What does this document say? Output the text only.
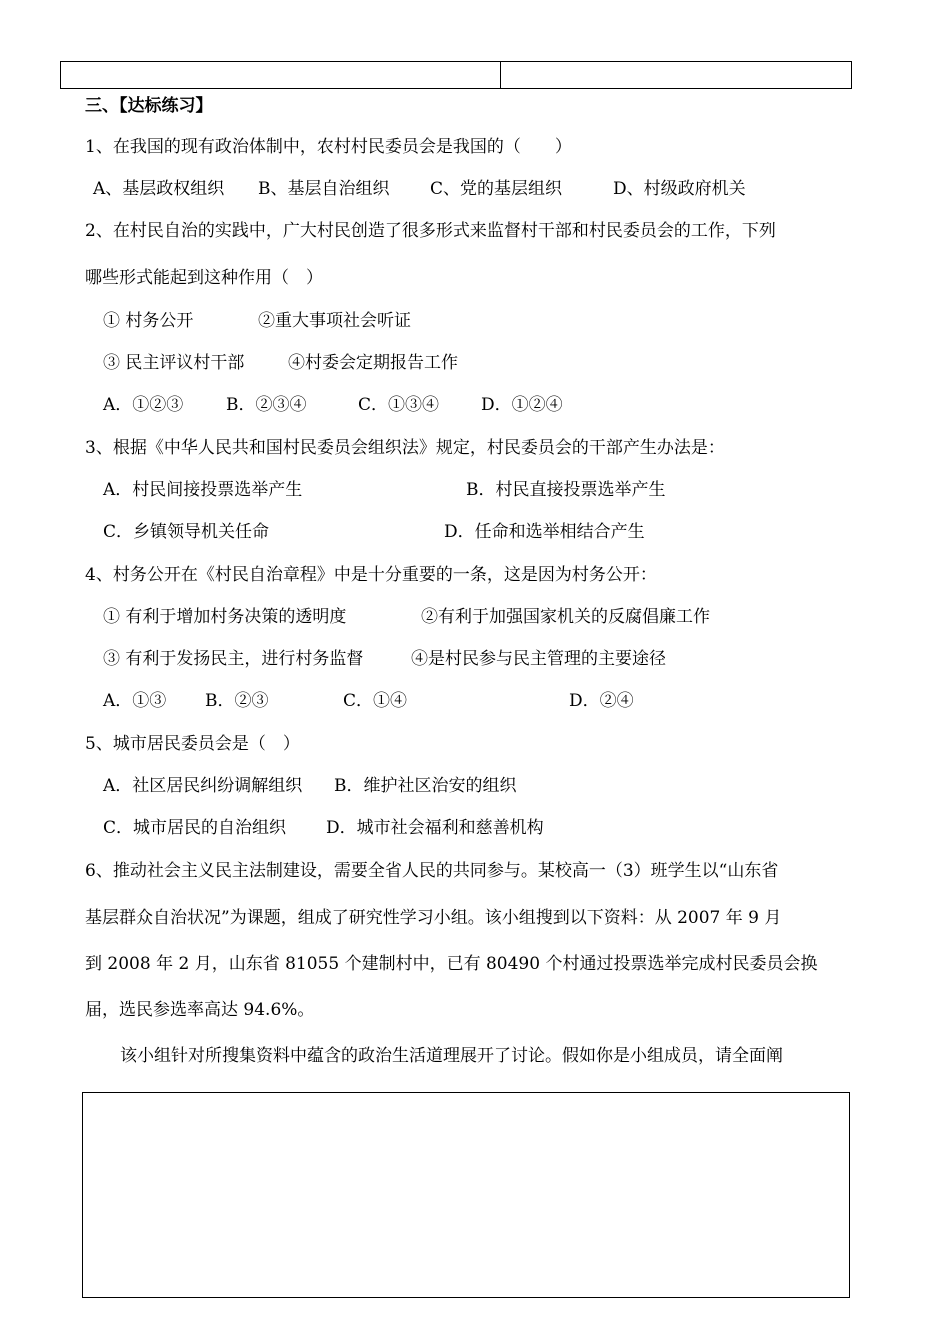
三、【达标练习】
1、在我国的现有政治体制中，农村村民委员会是我国的（　　）
A、基层政权组织 B、基层自治组织 C、党的基层组织	D、村级政府机关
2、在村民自治的实践中，广大村民创造了很多形式来监督村干部和村民委员会的工作，下列
哪些形式能起到这种作用（　）
① 村务公开	②重大事项社会听证
③ 民主评议村干部	④村委会定期报告工作
A．①②③	B．②③④	C．①③④ D．①②④
3、根据《中华人民共和国村民委员会组织法》规定，村民委员会的干部产生办法是：
A．村民间接投票选举产生	B．村民直接投票选举产生
C．乡镇领导机关任命	D．任命和选举相结合产生
4、村务公开在《村民自治章程》中是十分重要的一条，这是因为村务公开：
① 有利于增加村务决策的透明度	②有利于加强国家机关的反腐倡廉工作
③ 有利于发扬民主，进行村务监督	④是村民参与民主管理的主要途径
A．①③ B．②③	C．①④	D．②④
5、城市居民委员会是（　）
A．社区居民纠纷调解组织 B．维护社区治安的组织
C．城市居民的自治组织 D．城市社会福利和慈善机构
6、推动社会主义民主法制建设，需要全省人民的共同参与。某校高一（3）班学生以“山东省
基层群众自治状况”为课题，组成了研究性学习小组。该小组搜到以下资料：从 2007 年 9 月
到 2008 年 2 月，山东省 81055 个建制村中，已有 80490 个村通过投票选举完成村民委员会换
届，选民参选率高达 94.6%。
该小组针对所搜集资料中蕴含的政治生活道理展开了讨论。假如你是小组成员，请全面阐
